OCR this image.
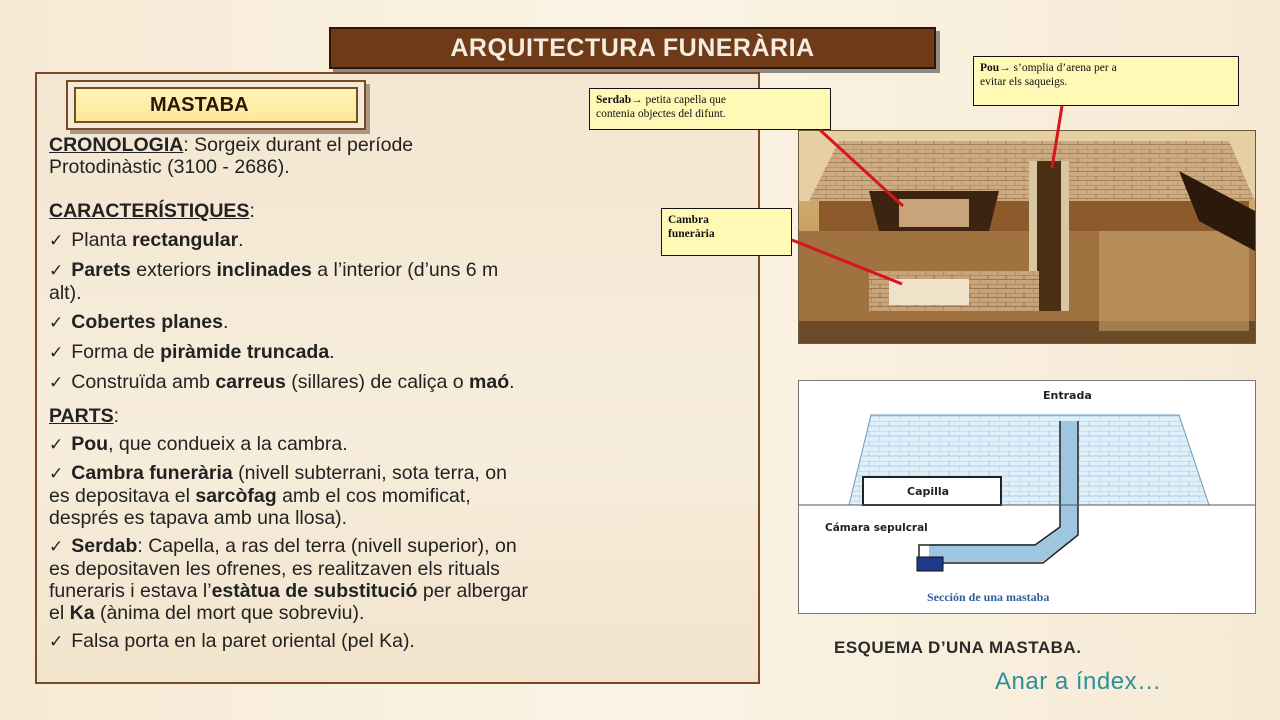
ARQUITECTURA FUNERÀRIA
MASTABA
CRONOLOGIA: Sorgeix durant el període
Protodinàstic (3100 - 2686).
CARACTERÍSTIQUES:
✓ Planta rectangular.
✓ Parets exteriors inclinades a l’interior (d’uns 6 m
alt).
✓ Cobertes planes.
✓ Forma de piràmide truncada.
✓ Construïda amb carreus (sillares) de caliça o maó.
PARTS:
✓ Pou, que condueix a la cambra.
✓ Cambra funerària (nivell subterrani, sota terra, on
es depositava el sarcòfag amb el cos momificat,
després es tapava amb una llosa).
✓ Serdab: Capella, a ras del terra (nivell superior), on
es depositaven les ofrenes, es realitzaven els rituals
funeraris i estava l’estàtua de substitució per albergar
el Ka (ànima del mort que sobreviu).
✓ Falsa porta en la paret oriental (pel Ka).
Pou→ s’omplia d’arena per a
evitar els saqueigs.
Serdab→ petita capella que
contenia objectes del difunt.
Cambra
funerària
Entrada
Capilla
Cámara sepulcral
Sección de una mastaba
ESQUEMA D’UNA MASTABA.
Anar a índex…
